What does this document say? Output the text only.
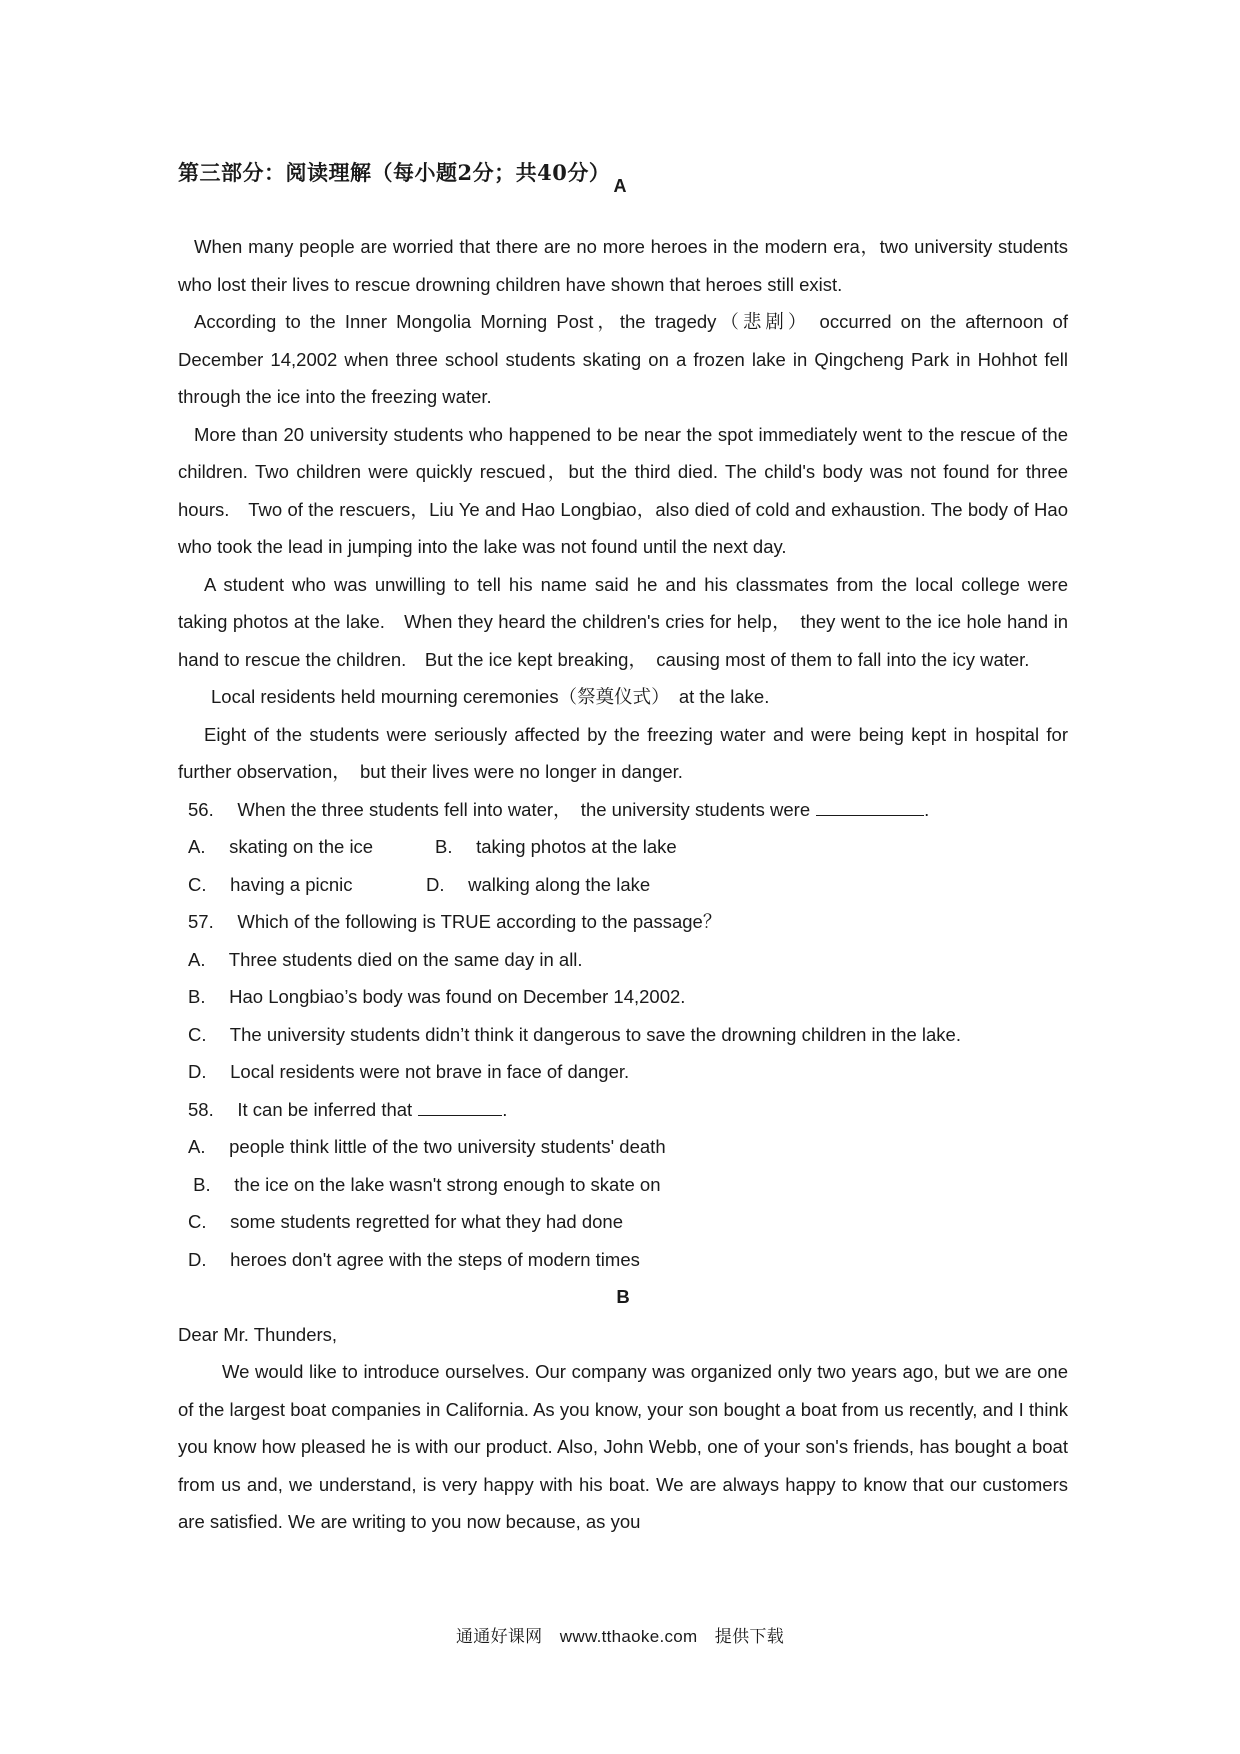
第三部分：阅读理解（每小题2分；共40分）
A

When many people are worried that there are no more heroes in the modern era，two university students who lost their lives to rescue drowning children have shown that heroes still exist.

According to the Inner Mongolia Morning Post，the tragedy（悲剧） occurred on the afternoon of December 14,2002 when three school students skating on a frozen lake in Qingcheng Park in Hohhot fell through the ice into the freezing water.

More than 20 university students who happened to be near the spot immediately went to the rescue of the children. Two children were quickly rescued，but the third died. The child's body was not found for three hours.　Two of the rescuers，Liu Ye and Hao Longbiao，also died of cold and exhaustion. The body of Hao who took the lead in jumping into the lake was not found until the next day.

A student who was unwilling to tell his name said he and his classmates from the local college were taking photos at the lake.　When they heard the children's cries for help，　they went to the ice hole hand in hand to rescue the children.　But the ice kept breaking，　causing most of them to fall into the icy water.

Local residents held mourning ceremonies（祭奠仪式）　at the lake.

Eight of the students were seriously affected by the freezing water and were being kept in hospital for further observation，　but their lives were no longer in danger.

56.　 When the three students fell into water，　the university students were	.

A.　 skating on the ice	B.　 taking photos at the lake

C.　 having a picnic	D.　 walking along the lake

57.　 Which of the following is TRUE according to the passage？

A.　 Three students died on the same day in all.

B.　 Hao Longbiao’s body was found on December 14,2002.

C.　 The university students didn’t think it dangerous to save the drowning children in the lake.

D.　 Local residents were not brave in face of danger.

58.　 It can be inferred that	.

A.　 people think little of the two university students' death

B.　 the ice on the lake wasn't strong enough to skate on

C.　 some students regretted for what they had done

D.　 heroes don't agree with the steps of modern times

B

Dear Mr. Thunders,

We would like to introduce ourselves. Our company was organized only two years ago, but we are one of the largest boat companies in California. As you know, your son bought a boat from us recently, and I think you know how pleased he is with our product. Also, John Webb, one of your son's friends, has bought a boat from us and, we understand, is very happy with his boat. We are always happy to know that our customers are satisfied. We are writing to you now because, as you

通通好课网　www.tthaoke.com　提供下载
